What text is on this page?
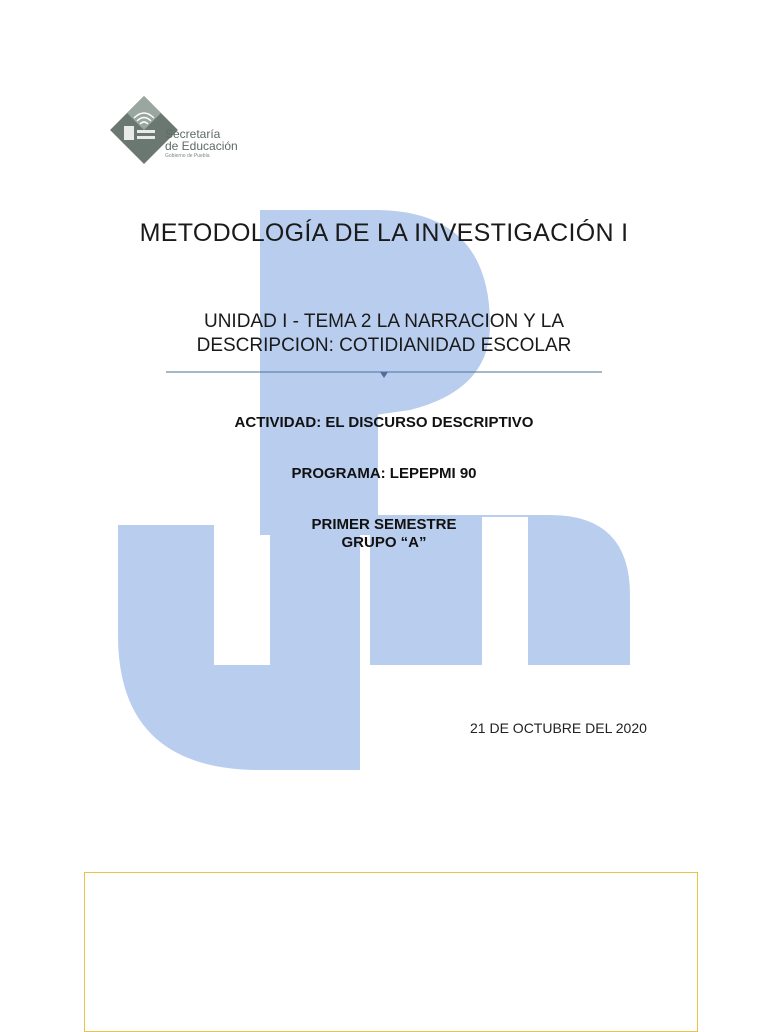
Secretaría
de Educación
Gobierno de Puebla
METODOLOGÍA DE LA INVESTIGACIÓN I
UNIDAD I - TEMA 2 LA NARRACION Y LA
DESCRIPCION: COTIDIANIDAD ESCOLAR
ACTIVIDAD: EL DISCURSO DESCRIPTIVO
PROGRAMA: LEPEPMI 90
PRIMER SEMESTRE
GRUPO “A”
21 DE OCTUBRE DEL 2020
